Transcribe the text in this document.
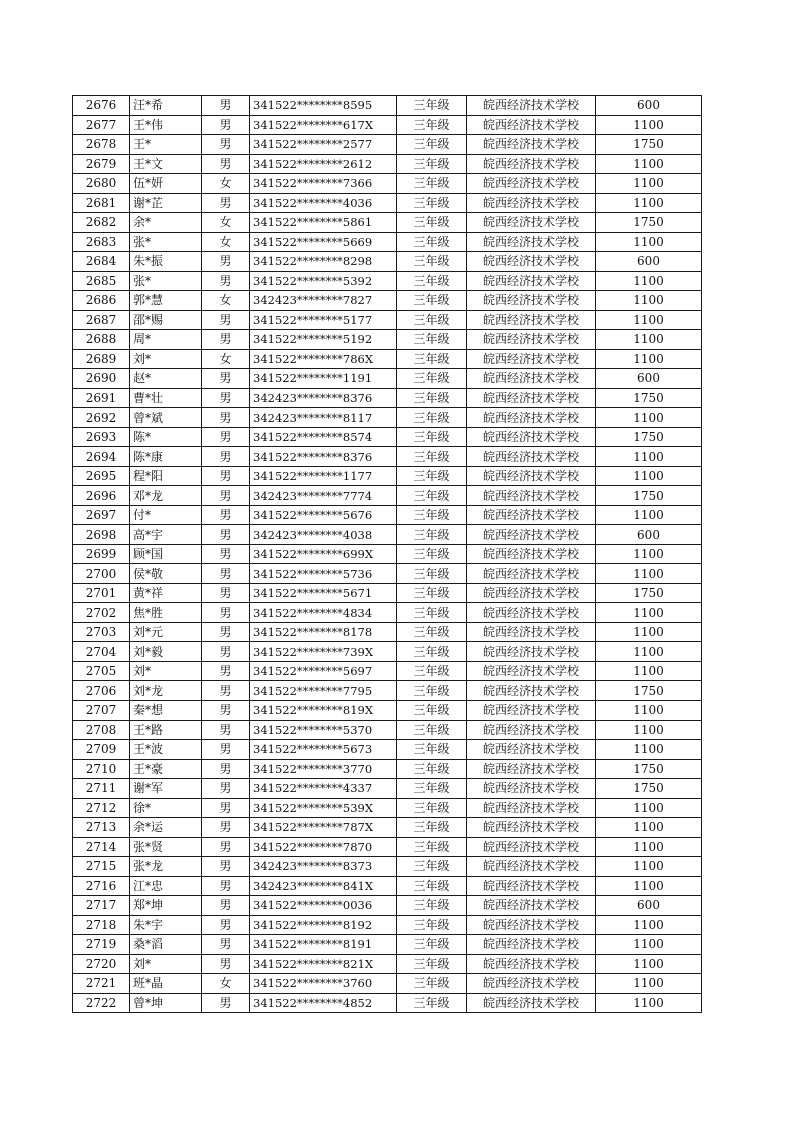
2676	汪*希	男	341522********8595	三年级	皖西经济技术学校	600
2677	王*伟	男	341522********617X	三年级	皖西经济技术学校	1100
2678	王*	男	341522********2577	三年级	皖西经济技术学校	1750
2679	王*文	男	341522********2612	三年级	皖西经济技术学校	1100
2680	伍*妍	女	341522********7366	三年级	皖西经济技术学校	1100
2681	谢*芷	男	341522********4036	三年级	皖西经济技术学校	1100
2682	余*	女	341522********5861	三年级	皖西经济技术学校	1750
2683	张*	女	341522********5669	三年级	皖西经济技术学校	1100
2684	朱*振	男	341522********8298	三年级	皖西经济技术学校	600
2685	张*	男	341522********5392	三年级	皖西经济技术学校	1100
2686	郭*慧	女	342423********7827	三年级	皖西经济技术学校	1100
2687	邵*赐	男	341522********5177	三年级	皖西经济技术学校	1100
2688	周*	男	341522********5192	三年级	皖西经济技术学校	1100
2689	刘*	女	341522********786X	三年级	皖西经济技术学校	1100
2690	赵*	男	341522********1191	三年级	皖西经济技术学校	600
2691	曹*壮	男	342423********8376	三年级	皖西经济技术学校	1750
2692	曾*斌	男	342423********8117	三年级	皖西经济技术学校	1100
2693	陈*	男	341522********8574	三年级	皖西经济技术学校	1750
2694	陈*康	男	341522********8376	三年级	皖西经济技术学校	1100
2695	程*阳	男	341522********1177	三年级	皖西经济技术学校	1100
2696	邓*龙	男	342423********7774	三年级	皖西经济技术学校	1750
2697	付*	男	341522********5676	三年级	皖西经济技术学校	1100
2698	高*宇	男	342423********4038	三年级	皖西经济技术学校	600
2699	顾*国	男	341522********699X	三年级	皖西经济技术学校	1100
2700	侯*敬	男	341522********5736	三年级	皖西经济技术学校	1100
2701	黄*祥	男	341522********5671	三年级	皖西经济技术学校	1750
2702	焦*胜	男	341522********4834	三年级	皖西经济技术学校	1100
2703	刘*元	男	341522********8178	三年级	皖西经济技术学校	1100
2704	刘*毅	男	341522********739X	三年级	皖西经济技术学校	1100
2705	刘*	男	341522********5697	三年级	皖西经济技术学校	1100
2706	刘*龙	男	341522********7795	三年级	皖西经济技术学校	1750
2707	秦*想	男	341522********819X	三年级	皖西经济技术学校	1100
2708	王*路	男	341522********5370	三年级	皖西经济技术学校	1100
2709	王*波	男	341522********5673	三年级	皖西经济技术学校	1100
2710	王*豪	男	341522********3770	三年级	皖西经济技术学校	1750
2711	谢*军	男	341522********4337	三年级	皖西经济技术学校	1750
2712	徐*	男	341522********539X	三年级	皖西经济技术学校	1100
2713	余*运	男	341522********787X	三年级	皖西经济技术学校	1100
2714	张*贤	男	341522********7870	三年级	皖西经济技术学校	1100
2715	张*龙	男	342423********8373	三年级	皖西经济技术学校	1100
2716	江*忠	男	342423********841X	三年级	皖西经济技术学校	1100
2717	郑*坤	男	341522********0036	三年级	皖西经济技术学校	600
2718	朱*宇	男	341522********8192	三年级	皖西经济技术学校	1100
2719	桑*滔	男	341522********8191	三年级	皖西经济技术学校	1100
2720	刘*	男	341522********821X	三年级	皖西经济技术学校	1100
2721	班*晶	女	341522********3760	三年级	皖西经济技术学校	1100
2722	曾*坤	男	341522********4852	三年级	皖西经济技术学校	1100
